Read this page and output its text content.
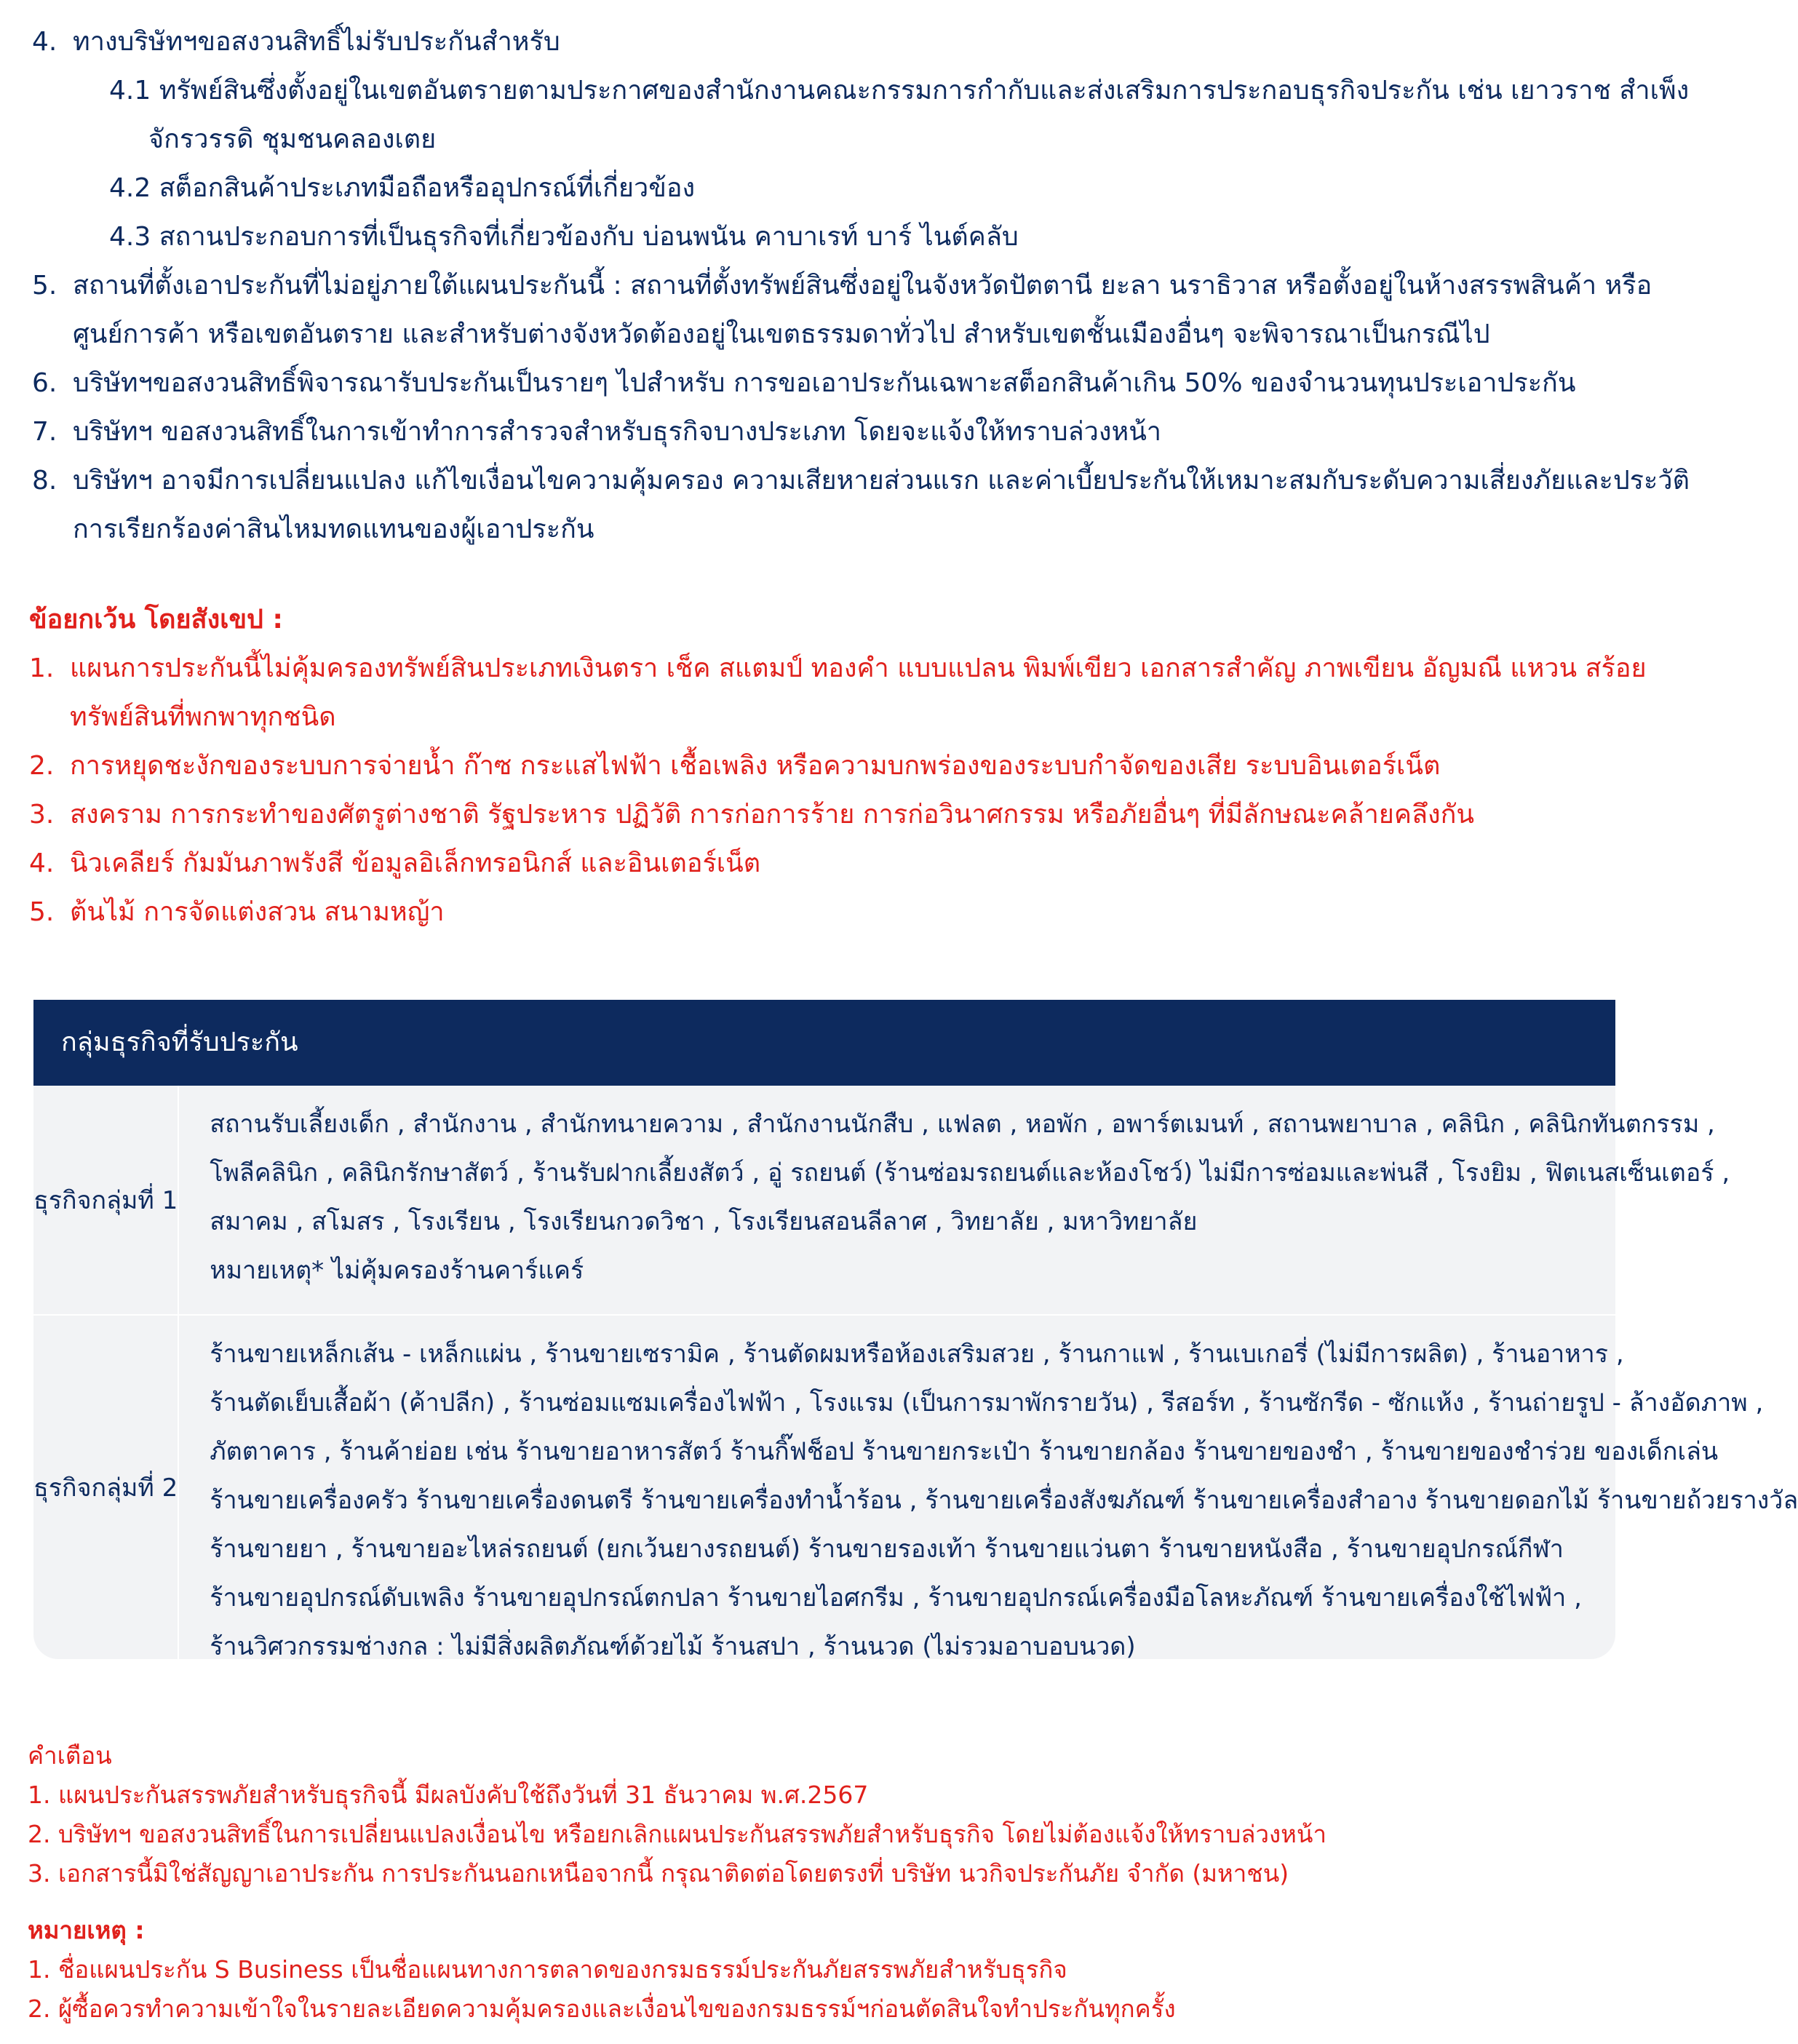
4. ทางบริษัทฯขอสงวนสิทธิ์ไม่รับประกันสำหรับ
4.1 ทรัพย์สินซึ่งตั้งอยู่ในเขตอันตรายตามประกาศของสำนักงานคณะกรรมการกำกับและส่งเสริมการประกอบธุรกิจประกัน เช่น เยาวราช สำเพ็ง
จักรวรรดิ ชุมชนคลองเตย
4.2 สต็อกสินค้าประเภทมือถือหรืออุปกรณ์ที่เกี่ยวข้อง
4.3 สถานประกอบการที่เป็นธุรกิจที่เกี่ยวข้องกับ บ่อนพนัน คาบาเรท์ บาร์ ไนต์คลับ
5. สถานที่ตั้งเอาประกันที่ไม่อยู่ภายใต้แผนประกันนี้ : สถานที่ตั้งทรัพย์สินซึ่งอยู่ในจังหวัดปัตตานี ยะลา นราธิวาส หรือตั้งอยู่ในห้างสรรพสินค้า หรือ
ศูนย์การค้า หรือเขตอันตราย และสำหรับต่างจังหวัดต้องอยู่ในเขตธรรมดาทั่วไป สำหรับเขตชั้นเมืองอื่นๆ จะพิจารณาเป็นกรณีไป
6. บริษัทฯขอสงวนสิทธิ์พิจารณารับประกันเป็นรายๆ ไปสำหรับ การขอเอาประกันเฉพาะสต็อกสินค้าเกิน 50% ของจำนวนทุนประเอาประกัน
7. บริษัทฯ ขอสงวนสิทธิ์ในการเข้าทำการสำรวจสำหรับธุรกิจบางประเภท โดยจะแจ้งให้ทราบล่วงหน้า
8. บริษัทฯ อาจมีการเปลี่ยนแปลง แก้ไขเงื่อนไขความคุ้มครอง ความเสียหายส่วนแรก และค่าเบี้ยประกันให้เหมาะสมกับระดับความเสี่ยงภัยและประวัติ
การเรียกร้องค่าสินไหมทดแทนของผู้เอาประกัน
ข้อยกเว้น โดยสังเขป :
1. แผนการประกันนี้ไม่คุ้มครองทรัพย์สินประเภทเงินตรา เช็ค สแตมป์ ทองคำ แบบแปลน พิมพ์เขียว เอกสารสำคัญ ภาพเขียน อัญมณี แหวน สร้อย
ทรัพย์สินที่พกพาทุกชนิด
2. การหยุดชะงักของระบบการจ่ายน้ำ ก๊าซ กระแสไฟฟ้า เชื้อเพลิง หรือความบกพร่องของระบบกำจัดของเสีย ระบบอินเตอร์เน็ต
3. สงคราม การกระทำของศัตรูต่างชาติ รัฐประหาร ปฏิวัติ การก่อการร้าย การก่อวินาศกรรม หรือภัยอื่นๆ ที่มีลักษณะคล้ายคลึงกัน
4. นิวเคลียร์ กัมมันภาพรังสี ข้อมูลอิเล็กทรอนิกส์ และอินเตอร์เน็ต
5. ต้นไม้ การจัดแต่งสวน สนามหญ้า
กลุ่มธุรกิจที่รับประกัน
ธุรกิจกลุ่มที่ 1
สถานรับเลี้ยงเด็ก , สำนักงาน , สำนักทนายความ , สำนักงานนักสืบ , แฟลต , หอพัก , อพาร์ตเมนท์ , สถานพยาบาล , คลินิก , คลินิกทันตกรรม ,
โพลีคลินิก , คลินิกรักษาสัตว์ , ร้านรับฝากเลี้ยงสัตว์ , อู่ รถยนต์ (ร้านซ่อมรถยนต์และห้องโชว์) ไม่มีการซ่อมและพ่นสี , โรงยิม , ฟิตเนสเซ็นเตอร์ ,
สมาคม , สโมสร , โรงเรียน , โรงเรียนกวดวิชา , โรงเรียนสอนลีลาศ , วิทยาลัย , มหาวิทยาลัย
หมายเหตุ* ไม่คุ้มครองร้านคาร์แคร์
ธุรกิจกลุ่มที่ 2
ร้านขายเหล็กเส้น - เหล็กแผ่น , ร้านขายเซรามิค , ร้านตัดผมหรือห้องเสริมสวย , ร้านกาแฟ , ร้านเบเกอรี่ (ไม่มีการผลิต) , ร้านอาหาร ,
ร้านตัดเย็บเสื้อผ้า (ค้าปลีก) , ร้านซ่อมแซมเครื่องไฟฟ้า , โรงแรม (เป็นการมาพักรายวัน) , รีสอร์ท , ร้านซักรีด - ซักแห้ง , ร้านถ่ายรูป - ล้างอัดภาพ ,
ภัตตาคาร , ร้านค้าย่อย เช่น ร้านขายอาหารสัตว์ ร้านกิ๊ฟช็อป ร้านขายกระเป๋า ร้านขายกล้อง ร้านขายของชำ , ร้านขายของชำร่วย ของเด็กเล่น
ร้านขายเครื่องครัว ร้านขายเครื่องดนตรี ร้านขายเครื่องทำน้ำร้อน , ร้านขายเครื่องสังฆภัณฑ์ ร้านขายเครื่องสำอาง ร้านขายดอกไม้ ร้านขายถ้วยรางวัล
ร้านขายยา , ร้านขายอะไหล่รถยนต์ (ยกเว้นยางรถยนต์) ร้านขายรองเท้า ร้านขายแว่นตา ร้านขายหนังสือ , ร้านขายอุปกรณ์กีฬา
ร้านขายอุปกรณ์ดับเพลิง ร้านขายอุปกรณ์ตกปลา ร้านขายไอศกรีม , ร้านขายอุปกรณ์เครื่องมือโลหะภัณฑ์ ร้านขายเครื่องใช้ไฟฟ้า ,
ร้านวิศวกรรมช่างกล : ไม่มีสิ่งผลิตภัณฑ์ด้วยไม้ ร้านสปา , ร้านนวด (ไม่รวมอาบอบนวด)
คำเตือน
1. แผนประกันสรรพภัยสำหรับธุรกิจนี้ มีผลบังคับใช้ถึงวันที่ 31 ธันวาคม พ.ศ.2567
2. บริษัทฯ ขอสงวนสิทธิ์ในการเปลี่ยนแปลงเงื่อนไข หรือยกเลิกแผนประกันสรรพภัยสำหรับธุรกิจ โดยไม่ต้องแจ้งให้ทราบล่วงหน้า
3. เอกสารนี้มิใช่สัญญาเอาประกัน การประกันนอกเหนือจากนี้ กรุณาติดต่อโดยตรงที่ บริษัท นวกิจประกันภัย จำกัด (มหาชน)
หมายเหตุ :
1. ชื่อแผนประกัน S Business เป็นชื่อแผนทางการตลาดของกรมธรรม์ประกันภัยสรรพภัยสำหรับธุรกิจ
2. ผู้ซื้อควรทำความเข้าใจในรายละเอียดความคุ้มครองและเงื่อนไขของกรมธรรม์ฯก่อนตัดสินใจทำประกันทุกครั้ง
